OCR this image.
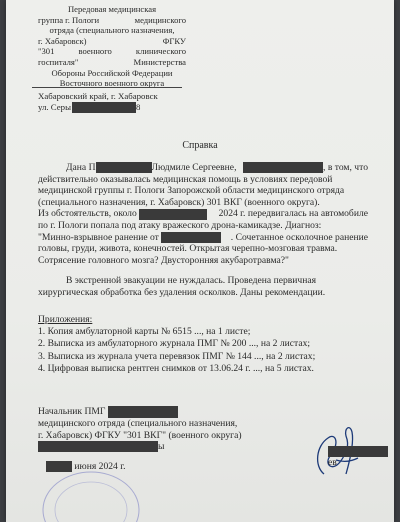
Передовая медицинская
группа г. Пологи	медицинского
отряда (специального назначения,
г. Хабаровск)	ФГКУ
"301	военного	клинического
госпиталя"	Министерства
Обороны Российской Федерации
Восточного военного округа
Хабаровский край, г. Хабаровск
ул. Серы	8
Справка
Дана П	Людмиле Сергеевне,	, в том, что
действительно оказывалась медицинская помощь в условиях передовой
медицинской группы г. Пологи Запорожской области медицинского отряда
(специального назначения, г. Хабаровск) 301 ВКГ (военного округа).
Из обстоятельств, около	2024 г. передвигалась на автомобиле
по г. Пологи попала под атаку вражеского дрона-камикадзе. Диагноз:
"Минно-взрывное ранение от	. Сочетанное осколочное ранение
головы, груди, живота, конечностей. Открытая черепно-мозговая травма.
Сотрясение головного мозга? Двусторонняя акубаротравма?"
В экстренной эвакуации не нуждалась. Проведена первичная
хирургическая обработка без удаления осколков. Даны рекомендации.
Приложения:
1. Копия амбулаторной карты № 6515 ..., на 1 листе;
2. Выписка из амбулаторного журнала ПМГ № 200 ..., на 2 листах;
3. Выписка из журнала учета перевязок ПМГ № 144 ..., на 2 листах;
4. Цифровая выписка рентген снимков от 13.06.24 г. ..., на 5 листах.
Начальник ПМГ
медицинского отряда (специального назначения,
г. Хабаровск) ФГКУ "301 ВКГ" (военного округа)
ы
июня 2024 г.	ев
